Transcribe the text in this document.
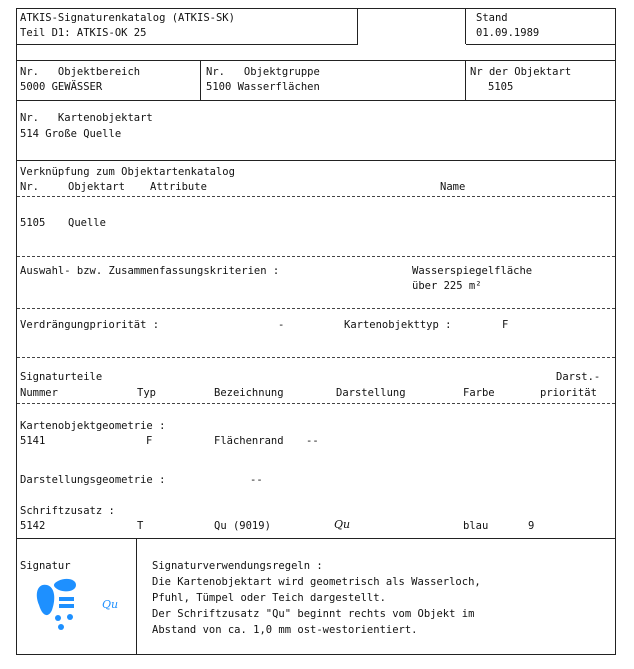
ATKIS-Signaturenkatalog (ATKIS-SK)
Teil D1: ATKIS-OK 25
Stand
01.09.1989
Nr.   Objektbereich
5000 GEWÄSSER
Nr.   Objektgruppe
5100 Wasserflächen
Nr der Objektart
5105
Nr.   Kartenobjektart
514 Große Quelle
Verknüpfung zum Objektartenkatalog
Nr.	Objektart Attribute	Name
5105 Quelle
Auswahl- bzw. Zusammenfassungskriterien :	Wasserspiegelfläche
über 225 m²
Verdrängungpriorität :	-	Kartenobjekttyp :	F
Signaturteile	Darst.-
Nummer	Typ	Bezeichnung	Darstellung	Farbe	priorität
Kartenobjektgeometrie :
5141	F	Flächenrand --
Darstellungsgeometrie :	--
Schriftzusatz :
5142	T	Qu (9019)	Qu	blau	9
Signatur
Qu
Signaturverwendungsregeln :
Die Kartenobjektart wird geometrisch als Wasserloch,
Pfuhl, Tümpel oder Teich dargestellt.
Der Schriftzusatz "Qu" beginnt rechts vom Objekt im
Abstand von ca. 1,0 mm ost-westorientiert.
